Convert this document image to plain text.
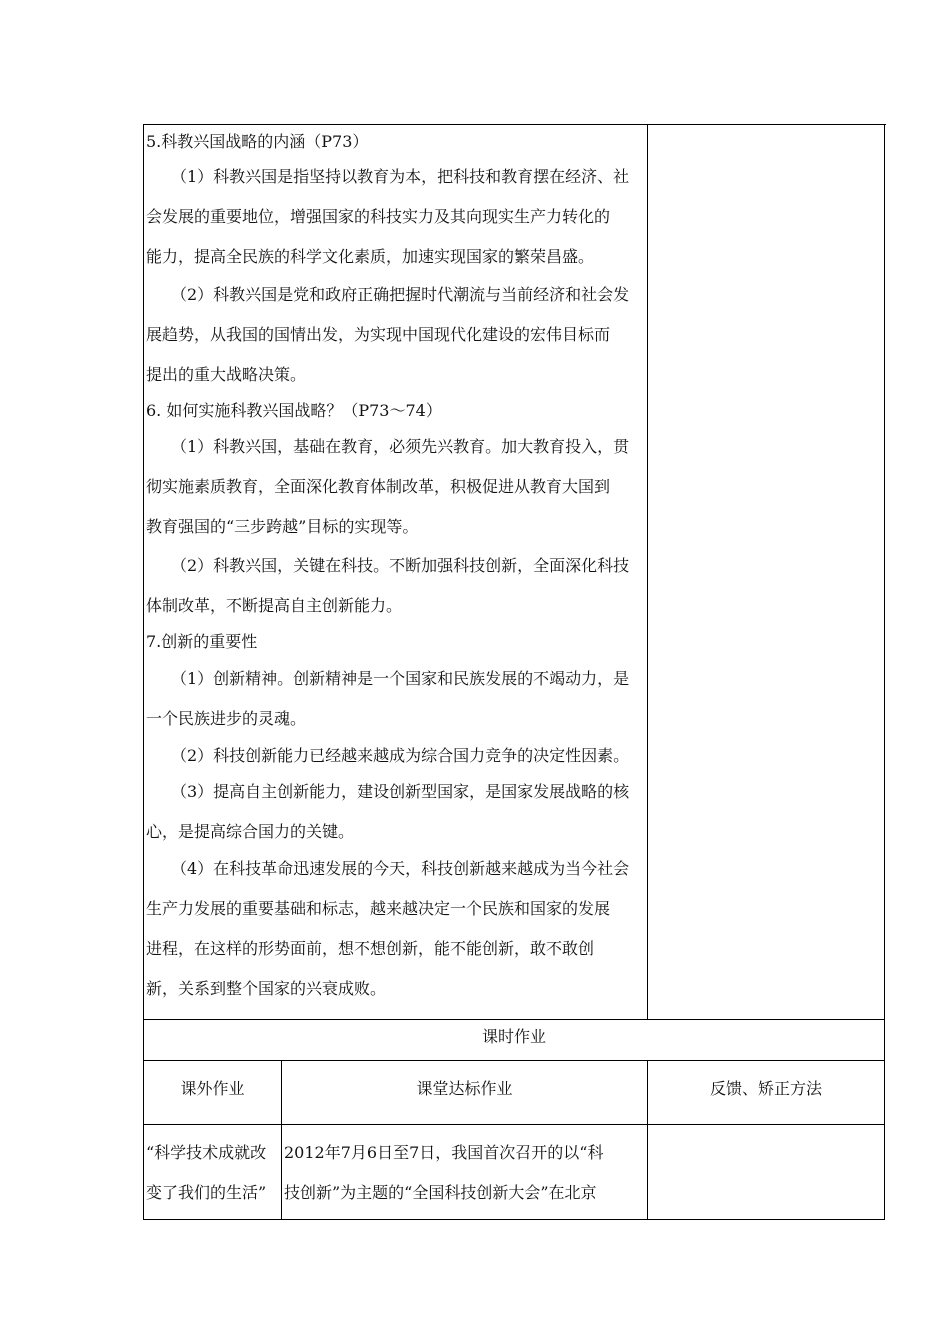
5.科教兴国战略的内涵（P73）
（1）科教兴国是指坚持以教育为本，把科技和教育摆在经济、社
会发展的重要地位，增强国家的科技实力及其向现实生产力转化的
能力，提高全民族的科学文化素质，加速实现国家的繁荣昌盛。
（2）科教兴国是党和政府正确把握时代潮流与当前经济和社会发
展趋势，从我国的国情出发，为实现中国现代化建设的宏伟目标而
提出的重大战略决策。
6. 如何实施科教兴国战略？（P73～74）
（1）科教兴国，基础在教育，必须先兴教育。加大教育投入，贯
彻实施素质教育，全面深化教育体制改革，积极促进从教育大国到
教育强国的“三步跨越”目标的实现等。
（2）科教兴国，关键在科技。不断加强科技创新，全面深化科技
体制改革，不断提高自主创新能力。
7.创新的重要性
（1）创新精神。创新精神是一个国家和民族发展的不竭动力，是
一个民族进步的灵魂。
（2）科技创新能力已经越来越成为综合国力竞争的决定性因素。
（3）提高自主创新能力，建设创新型国家，是国家发展战略的核
心，是提高综合国力的关键。
（4）在科技革命迅速发展的今天，科技创新越来越成为当今社会
生产力发展的重要基础和标志，越来越决定一个民族和国家的发展
进程，在这样的形势面前，想不想创新，能不能创新，敢不敢创
新，关系到整个国家的兴衰成败。
课时作业
课外作业	课堂达标作业	反馈、矫正方法
“科学技术成就改
变了我们的生活”
2012年7月6日至7日，我国首次召开的以“科
技创新”为主题的“全国科技创新大会”在北京
